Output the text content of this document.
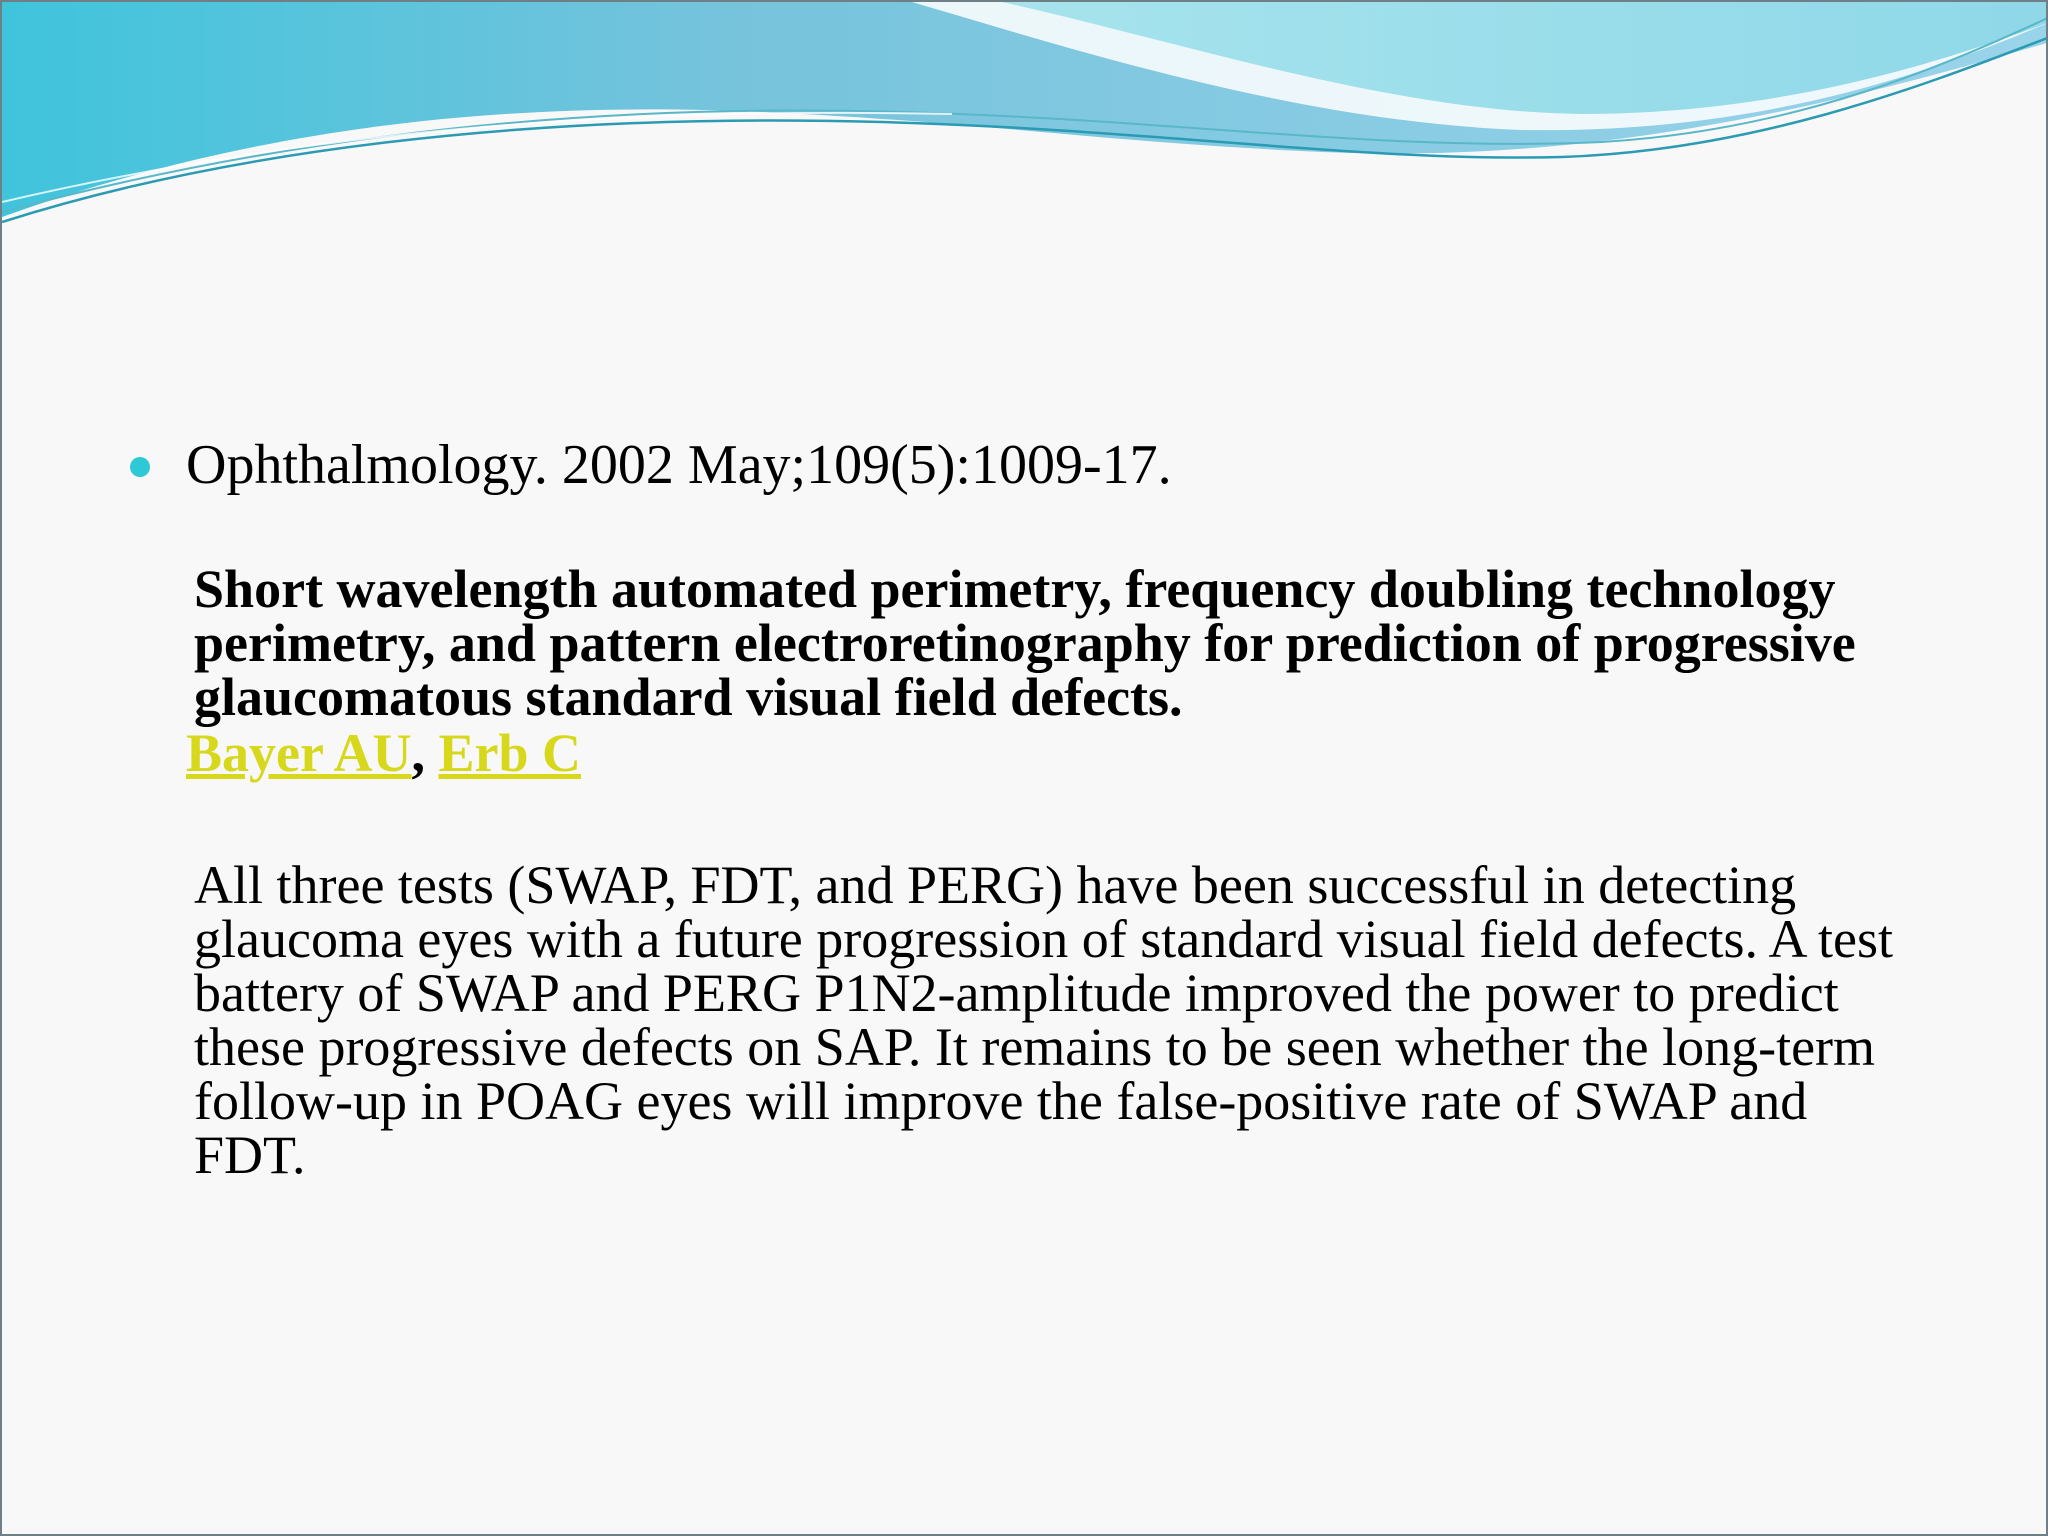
Ophthalmology. 2002 May;109(5):1009-17.

Short wavelength automated perimetry, frequency doubling technology perimetry, and pattern electroretinography for prediction of progressive glaucomatous standard visual field defects.

Bayer AU, Erb C

All three tests (SWAP, FDT, and PERG) have been successful in detecting glaucoma eyes with a future progression of standard visual field defects. A test battery of SWAP and PERG P1N2-amplitude improved the power to predict these progressive defects on SAP. It remains to be seen whether the long-term follow-up in POAG eyes will improve the false-positive rate of SWAP and FDT.
